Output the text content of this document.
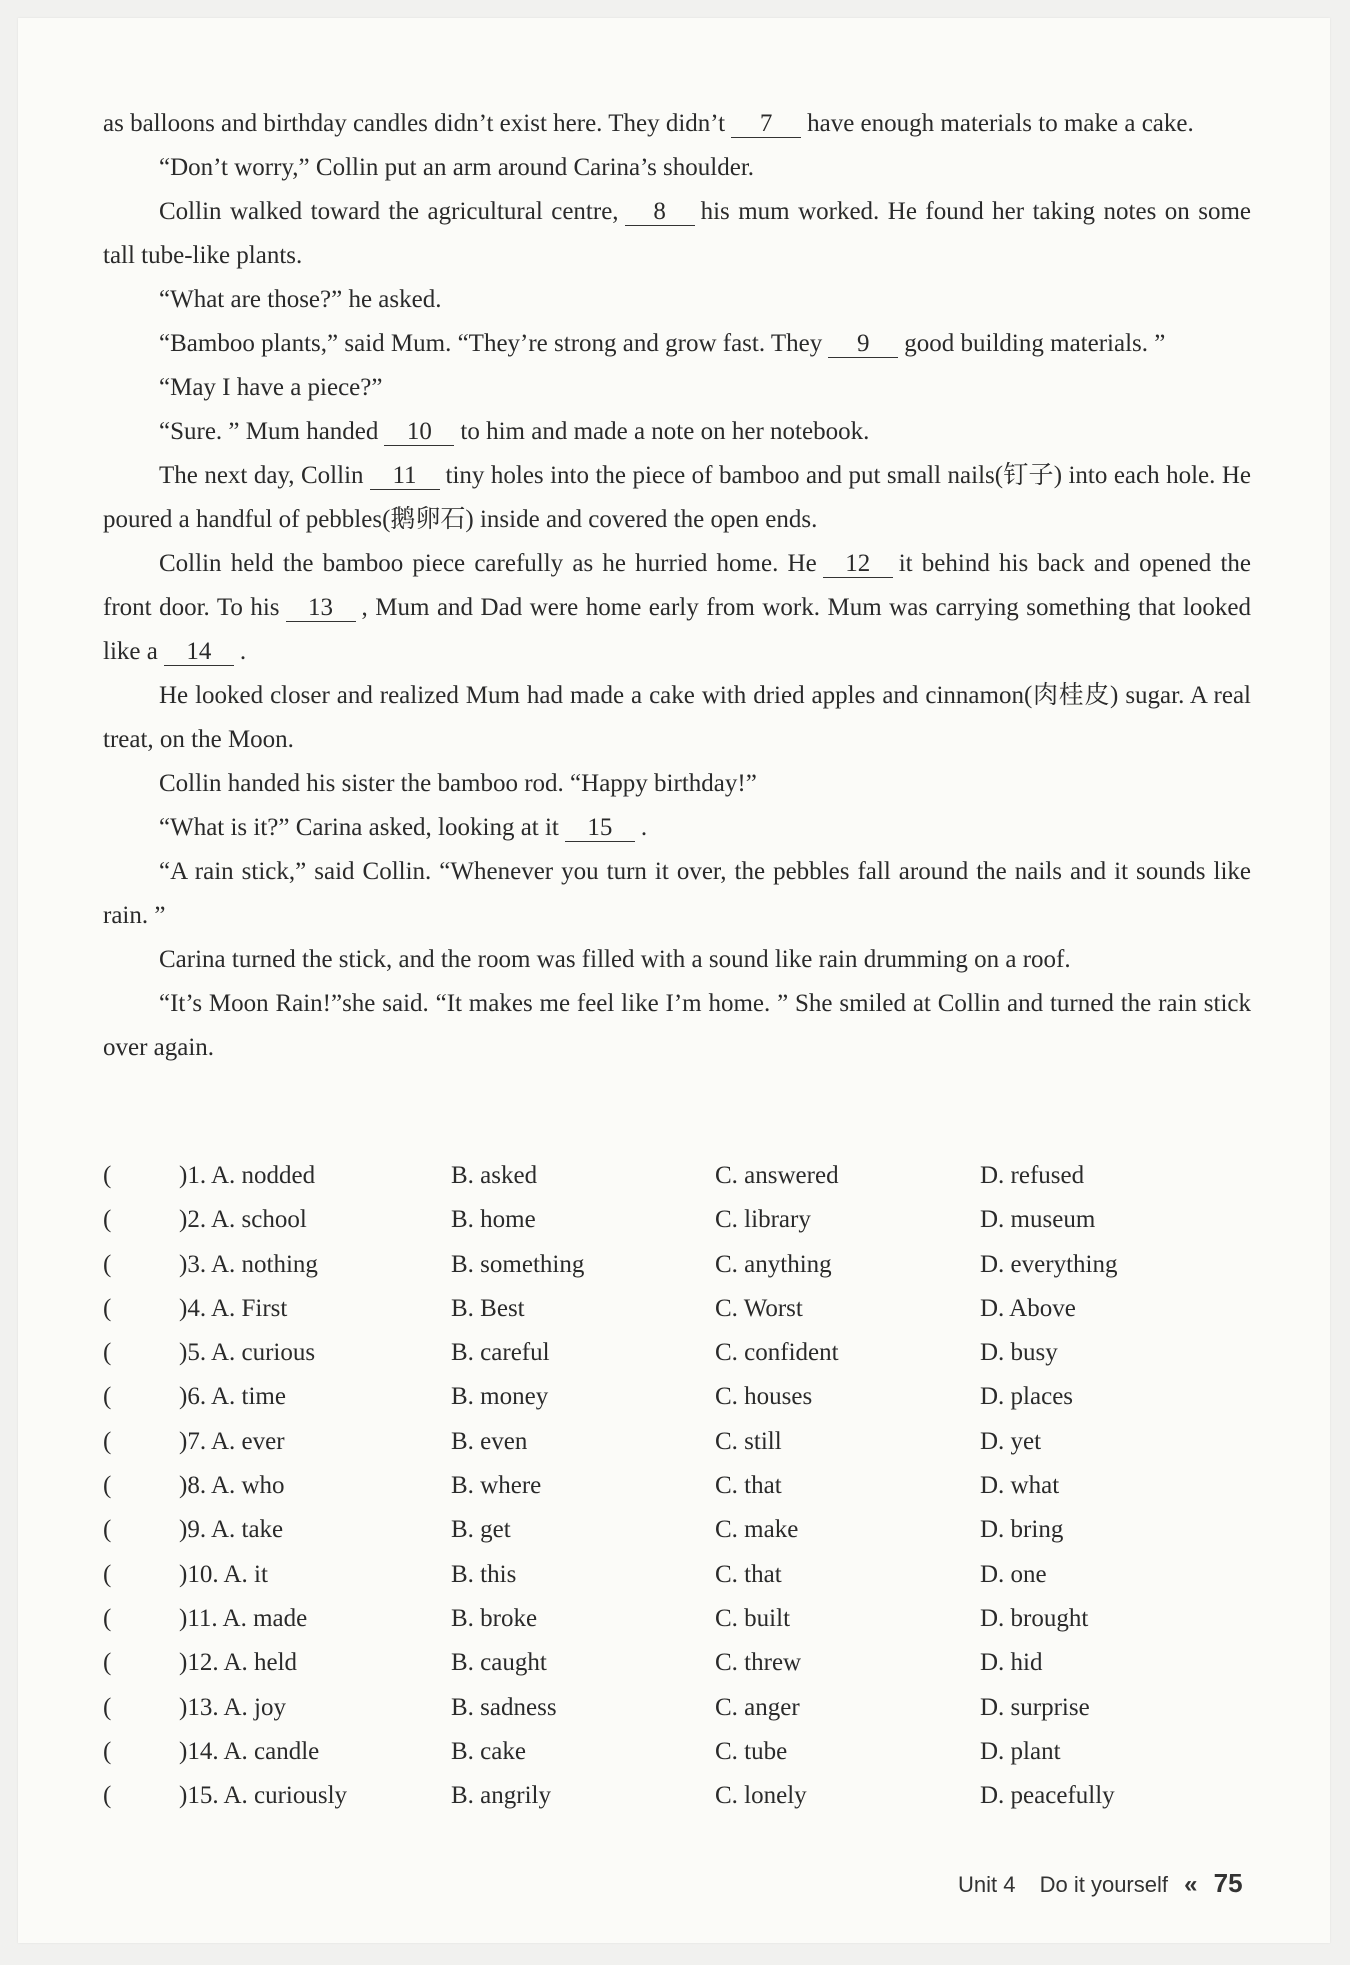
as balloons and birthday candles didn’t exist here. They didn’t 7 have enough materials to make a cake.

“Don’t worry,” Collin put an arm around Carina’s shoulder.

Collin walked toward the agricultural centre, 8 his mum worked. He found her taking notes on some tall tube-like plants.

“What are those?” he asked.

“Bamboo plants,” said Mum. “They’re strong and grow fast. They 9 good building materials. ”

“May I have a piece?”

“Sure. ” Mum handed 10 to him and made a note on her notebook.

The next day, Collin 11 tiny holes into the piece of bamboo and put small nails(钉子) into each hole. He poured a handful of pebbles(鹅卵石) inside and covered the open ends.

Collin held the bamboo piece carefully as he hurried home. He 12 it behind his back and opened the front door. To his 13 , Mum and Dad were home early from work. Mum was carrying something that looked like a 14 .

He looked closer and realized Mum had made a cake with dried apples and cinnamon(肉桂皮) sugar. A real treat, on the Moon.

Collin handed his sister the bamboo rod. “Happy birthday!”

“What is it?” Carina asked, looking at it 15 .

“A rain stick,” said Collin. “Whenever you turn it over, the pebbles fall around the nails and it sounds like rain. ”

Carina turned the stick, and the room was filled with a sound like rain drumming on a roof.

“It’s Moon Rain!”she said. “It makes me feel like I’m home. ” She smiled at Collin and turned the rain stick over again.

(	)1. A. nodded	B. asked	C. answered	D. refused
(	)2. A. school	B. home	C. library	D. museum
(	)3. A. nothing	B. something	C. anything	D. everything
(	)4. A. First	B. Best	C. Worst	D. Above
(	)5. A. curious	B. careful	C. confident	D. busy
(	)6. A. time	B. money	C. houses	D. places
(	)7. A. ever	B. even	C. still	D. yet
(	)8. A. who	B. where	C. that	D. what
(	)9. A. take	B. get	C. make	D. bring
(	)10. A. it	B. this	C. that	D. one
(	)11. A. made	B. broke	C. built	D. brought
(	)12. A. held	B. caught	C. threw	D. hid
(	)13. A. joy	B. sadness	C. anger	D. surprise
(	)14. A. candle	B. cake	C. tube	D. plant
(	)15. A. curiously	B. angrily	C. lonely	D. peacefully
Unit 4 Do it yourself « 75
